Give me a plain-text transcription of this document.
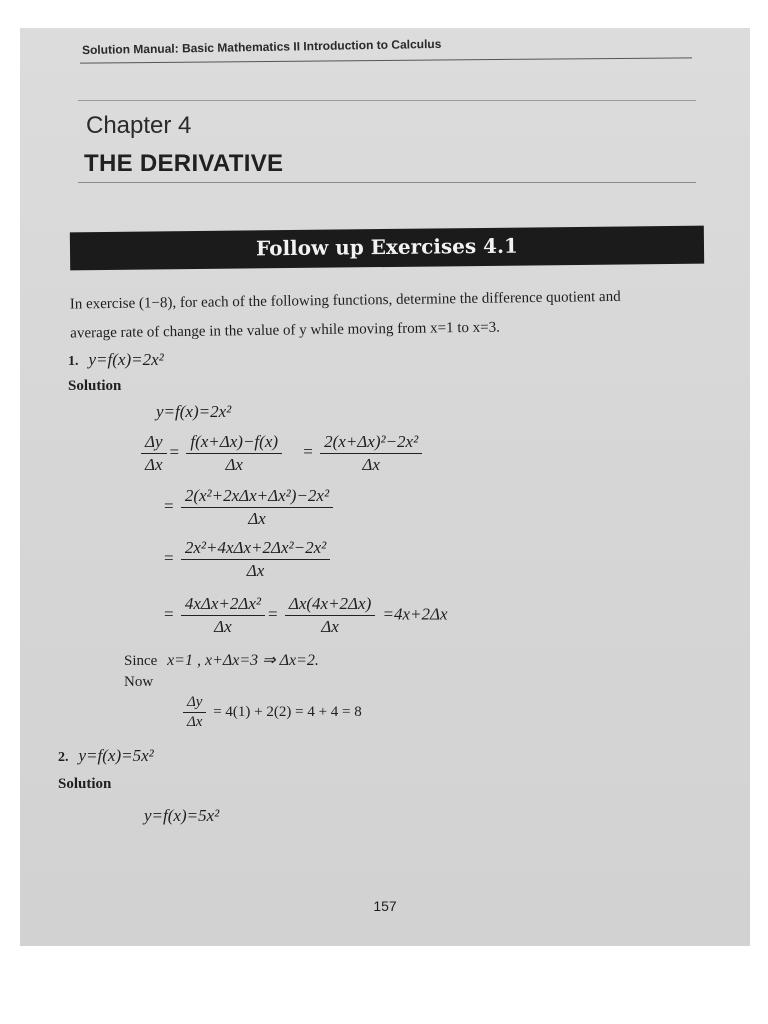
Solution Manual: Basic Mathematics II Introduction to Calculus
Chapter 4
THE DERIVATIVE
Follow up Exercises 4.1
In exercise (1−8), for each of the following functions, determine the difference quotient and
average rate of change in the value of y while moving from x=1 to x=3.
1. y=f(x)=2x²
Solution
y=f(x)=2x²
$\frac{\Delta y}{\Delta x} = \frac{f(x+\Delta x)-f(x)}{\Delta x} = \frac{\text{2(x+Δx)²−2x²}}{\Delta x}$
= $\frac{\text{2(x²+2xΔx+Δx²)−2x²}}{\Delta x}$
= $\frac{\text{2x²+4xΔx+2Δx²−2x²}}{\Delta x}$
= $\frac{\text{4xΔx+2Δx²}}{\Delta x} = \frac{\Delta x(4x+2\Delta x)}{\Delta x} =4x+2\Delta x$
Since x=1 , x+Δx=3 ⇒ Δx=2.
Now
$\frac{\Delta y}{\Delta x} = 4(1) + 2(2) = 4 + 4 = 8$
2. y=f(x)=5x²
Solution
y=f(x)=5x²
157
